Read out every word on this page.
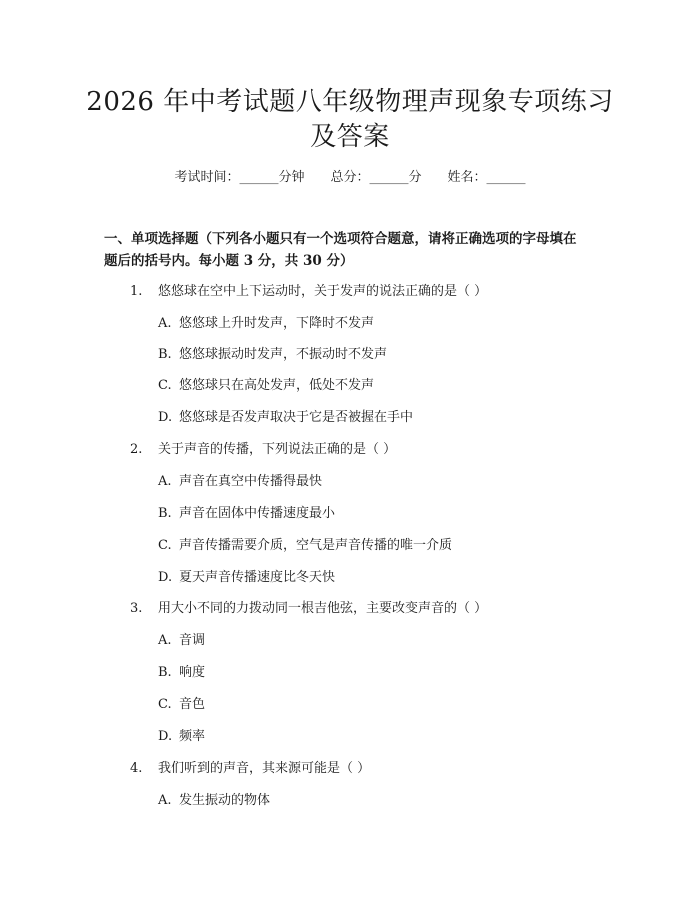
2026 年中考试题八年级物理声现象专项练习
及答案
考试时间：______分钟 总分：______分 姓名：______
一、单项选择题（下列各小题只有一个选项符合题意，请将正确选项的字母填在
题后的括号内。每小题 3 分，共 30 分）
1. 悠悠球在空中上下运动时，关于发声的说法正确的是（ ）
A. 悠悠球上升时发声，下降时不发声
B. 悠悠球振动时发声，不振动时不发声
C. 悠悠球只在高处发声，低处不发声
D. 悠悠球是否发声取决于它是否被握在手中
2. 关于声音的传播，下列说法正确的是（ ）
A. 声音在真空中传播得最快
B. 声音在固体中传播速度最小
C. 声音传播需要介质，空气是声音传播的唯一介质
D. 夏天声音传播速度比冬天快
3. 用大小不同的力拨动同一根吉他弦，主要改变声音的（ ）
A. 音调
B. 响度
C. 音色
D. 频率
4. 我们听到的声音，其来源可能是（ ）
A. 发生振动的物体
